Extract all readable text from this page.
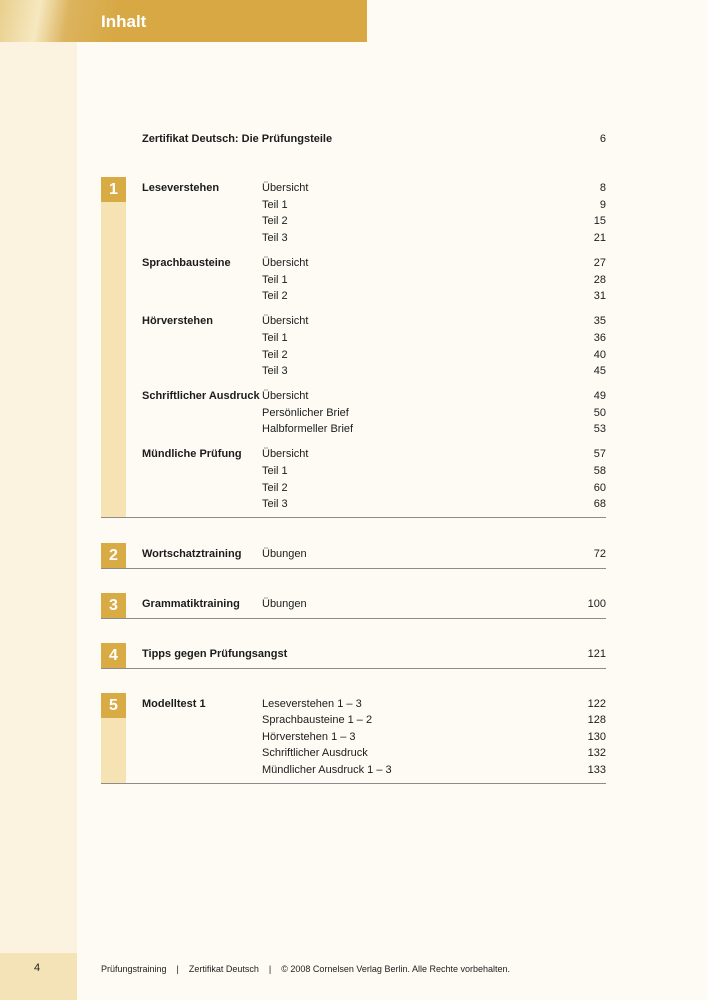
Inhalt
Zertifikat Deutsch: Die Prüfungsteile	6
1	Leseverstehen	Übersicht	8
Teil 1	9
Teil 2	15
Teil 3	21
Sprachbausteine	Übersicht	27
Teil 1	28
Teil 2	31
Hörverstehen	Übersicht	35
Teil 1	36
Teil 2	40
Teil 3	45
Schriftlicher Ausdruck Übersicht	49
Persönlicher Brief	50
Halbformeller Brief	53
Mündliche Prüfung Übersicht	57
Teil 1	58
Teil 2	60
Teil 3	68
2	Wortschatztraining Übungen	72
3	Grammatiktraining Übungen	100
4	Tipps gegen Prüfungsangst	121
5	Modelltest 1	Leseverstehen 1 – 3	122
Sprachbausteine 1 – 2	128
Hörverstehen 1 – 3	130
Schriftlicher Ausdruck	132
Mündlicher Ausdruck 1 – 3	133
4	Prüfungstraining    |    Zertifikat Deutsch    |    © 2008 Cornelsen Verlag Berlin. Alle Rechte vorbehalten.
